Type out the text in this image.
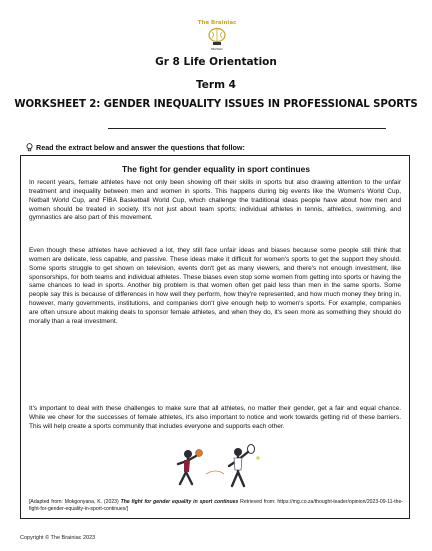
The Brainiac
BRAINIAC
Gr 8 Life Orientation
Term 4
WORKSHEET 2: GENDER INEQUALITY ISSUES IN PROFESSIONAL SPORTS
Read the extract below and answer the questions that follow:
The fight for gender equality in sport continues

In recent years, female athletes have not only been showing off their skills in sports but also drawing attention to the unfair treatment and inequality between men and women in sports. This happens during big events like the Women's World Cup, Netball World Cup, and FIBA Basketball World Cup, which challenge the traditional ideas people have about how men and women should be treated in society. It's not just about team sports; individual athletes in tennis, athletics, swimming, and gymnastics are also part of this movement.

Even though these athletes have achieved a lot, they still face unfair ideas and biases because some people still think that women are delicate, less capable, and passive. These ideas make it difficult for women's sports to get the support they should. Some sports struggle to get shown on television, events don't get as many viewers, and there's not enough investment, like sponsorships, for both teams and individual athletes. These biases even stop some women from getting into sports or having the same chances to lead in sports. Another big problem is that women often get paid less than men in the same sports. Some people say this is because of differences in how well they perform, how they're represented, and how much money they bring in, however, many governments, institutions, and companies don't give enough help to women's sports. For example, companies are often unsure about making deals to sponsor female athletes, and when they do, it's seen more as something they should do morally than a real investment.

It's important to deal with these challenges to make sure that all athletes, no matter their gender, get a fair and equal chance. While we cheer for the successes of female athletes, it's also important to notice and work towards getting rid of these barriers. This will help create a sports community that includes everyone and supports each other.

[Adapted from: Mokgonyana, K. (2023) The fight for gender equality in sport continues Retrieved from: https://mg.co.za/thought-leader/opinion/2023-09-11-the-fight-for-gender-equality-in-sport-continues/]
Copyright © The Brainiac 2023
